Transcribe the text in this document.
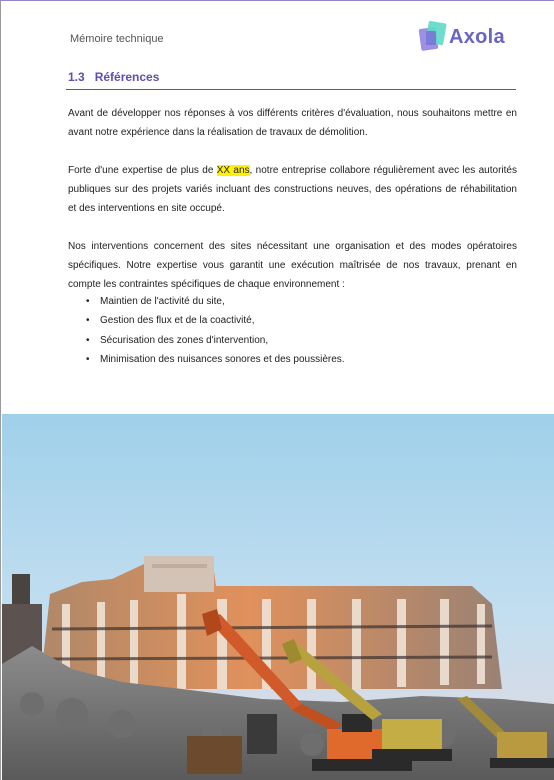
Mémoire technique	Axola
1.3 Références

Avant de développer nos réponses à vos différents critères d'évaluation, nous souhaitons mettre en avant notre expérience dans la réalisation de travaux de démolition.

Forte d'une expertise de plus de XX ans, notre entreprise collabore régulièrement avec les autorités publiques sur des projets variés incluant des constructions neuves, des opérations de réhabilitation et des interventions en site occupé.

Nos interventions concernent des sites nécessitant une organisation et des modes opératoires spécifiques. Notre expertise vous garantit une exécution maîtrisée de nos travaux, prenant en compte les contraintes spécifiques de chaque environnement :

• Maintien de l'activité du site,
• Gestion des flux et de la coactivité,
• Sécurisation des zones d'intervention,
• Minimisation des nuisances sonores et des poussières.
